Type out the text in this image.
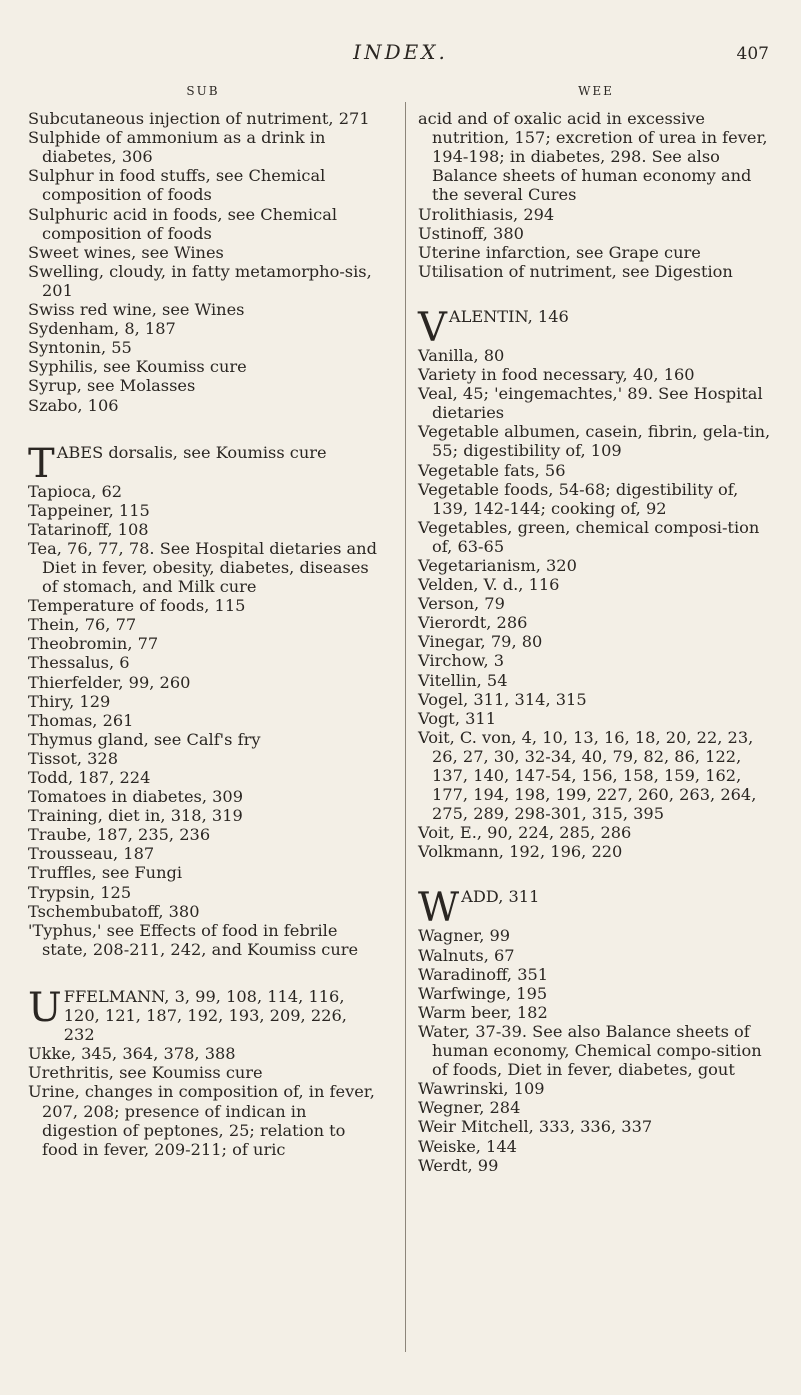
INDEX.	407
SUB
Subcutaneous injection of nutriment, 271
Sulphide of ammonium as a drink in diabetes, 306
Sulphur in food stuffs, see Chemical composition of foods
Sulphuric acid in foods, see Chemical composition of foods
Sweet wines, see Wines
Swelling, cloudy, in fatty metamorpho-sis, 201
Swiss red wine, see Wines
Sydenham, 8, 187
Syntonin, 55
Syphilis, see Koumiss cure
Syrup, see Molasses
Szabo, 106
TABES dorsalis, see Koumiss cure
Tapioca, 62
Tappeiner, 115
Tatarinoff, 108
Tea, 76, 77, 78. See Hospital dietaries and Diet in fever, obesity, diabetes, diseases of stomach, and Milk cure
Temperature of foods, 115
Thein, 76, 77
Theobromin, 77
Thessalus, 6
Thierfelder, 99, 260
Thiry, 129
Thomas, 261
Thymus gland, see Calf's fry
Tissot, 328
Todd, 187, 224
Tomatoes in diabetes, 309
Training, diet in, 318, 319
Traube, 187, 235, 236
Trousseau, 187
Truffles, see Fungi
Trypsin, 125
Tschembubatoff, 380
'Typhus,' see Effects of food in febrile state, 208-211, 242, and Koumiss cure
UFFELMANN, 3, 99, 108, 114, 116, 120, 121, 187, 192, 193, 209, 226, 232
Ukke, 345, 364, 378, 388
Urethritis, see Koumiss cure
Urine, changes in composition of, in fever, 207, 208; presence of indican in digestion of peptones, 25; relation to food in fever, 209-211; of uric
WEE
acid and of oxalic acid in excessive nutrition, 157; excretion of urea in fever, 194-198; in diabetes, 298. See also Balance sheets of human economy and the several Cures
Urolithiasis, 294
Ustinoff, 380
Uterine infarction, see Grape cure
Utilisation of nutriment, see Digestion
VALENTIN, 146
Vanilla, 80
Variety in food necessary, 40, 160
Veal, 45; 'eingemachtes,' 89. See Hospital dietaries
Vegetable albumen, casein, fibrin, gela-tin, 55; digestibility of, 109
Vegetable fats, 56
Vegetable foods, 54-68; digestibility of, 139, 142-144; cooking of, 92
Vegetables, green, chemical composi-tion of, 63-65
Vegetarianism, 320
Velden, V. d., 116
Verson, 79
Vierordt, 286
Vinegar, 79, 80
Virchow, 3
Vitellin, 54
Vogel, 311, 314, 315
Vogt, 311
Voit, C. von, 4, 10, 13, 16, 18, 20, 22, 23, 26, 27, 30, 32-34, 40, 79, 82, 86, 122, 137, 140, 147-54, 156, 158, 159, 162, 177, 194, 198, 199, 227, 260, 263, 264, 275, 289, 298-301, 315, 395
Voit, E., 90, 224, 285, 286
Volkmann, 192, 196, 220
WADD, 311
Wagner, 99
Walnuts, 67
Waradinoff, 351
Warfwinge, 195
Warm beer, 182
Water, 37-39. See also Balance sheets of human economy, Chemical compo-sition of foods, Diet in fever, diabetes, gout
Wawrinski, 109
Wegner, 284
Weir Mitchell, 333, 336, 337
Weiske, 144
Werdt, 99
